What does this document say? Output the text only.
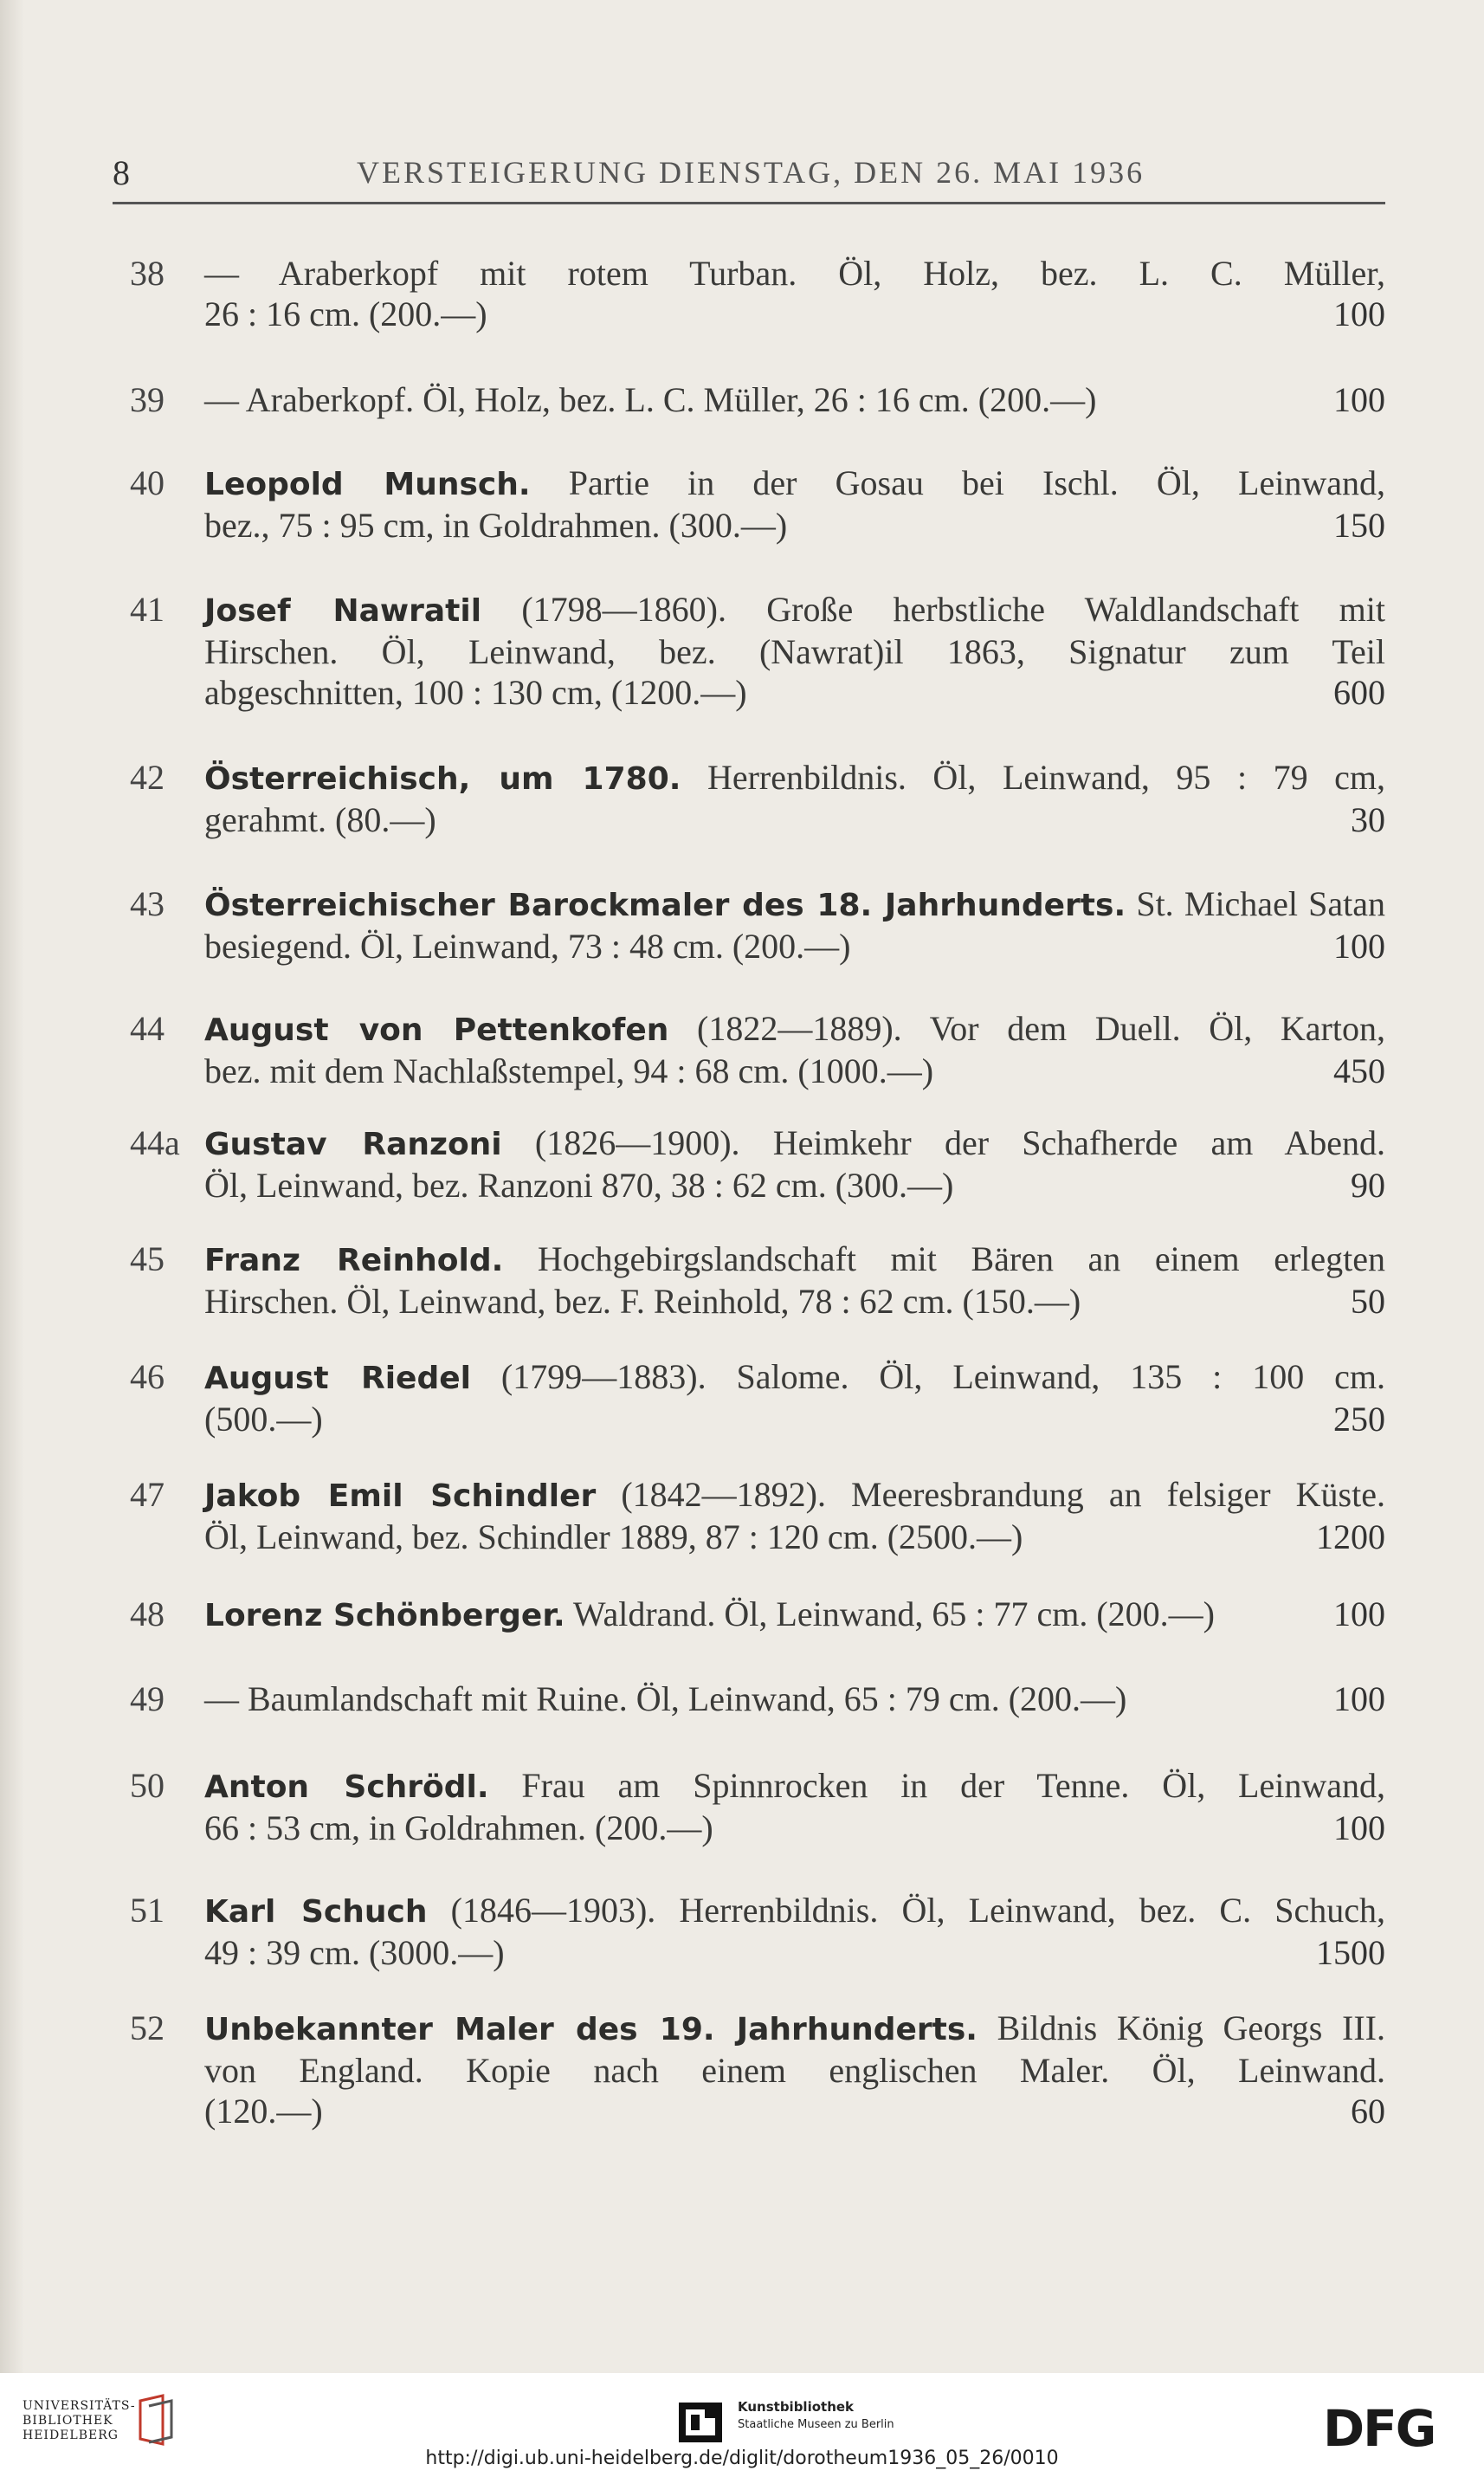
8	VERSTEIGERUNG DIENSTAG, DEN 26. MAI 1936
38	— Araberkopf mit rotem Turban. Öl, Holz, bez. L. C. Müller,
26 : 16 cm. (200.—)	100
39	— Araberkopf. Öl, Holz, bez. L. C. Müller, 26 : 16 cm. (200.—)	100
40	Leopold Munsch. Partie in der Gosau bei Ischl. Öl, Leinwand,
bez., 75 : 95 cm, in Goldrahmen. (300.—)	150
41	Josef Nawratil (1798—1860). Große herbstliche Waldlandschaft mit
Hirschen. Öl, Leinwand, bez. (Nawrat)il 1863, Signatur zum Teil
abgeschnitten, 100 : 130 cm, (1200.—)	600
42	Österreichisch, um 1780. Herrenbildnis. Öl, Leinwand, 95 : 79 cm,
gerahmt. (80.—)	30
43	Österreichischer Barockmaler des 18. Jahrhunderts. St. Michael Satan
besiegend. Öl, Leinwand, 73 : 48 cm. (200.—)	100
44	August von Pettenkofen (1822—1889). Vor dem Duell. Öl, Karton,
bez. mit dem Nachlaßstempel, 94 : 68 cm. (1000.—)	450
44a Gustav Ranzoni (1826—1900). Heimkehr der Schafherde am Abend.
Öl, Leinwand, bez. Ranzoni 870, 38 : 62 cm. (300.—)	90
45	Franz Reinhold. Hochgebirgslandschaft mit Bären an einem erlegten
Hirschen. Öl, Leinwand, bez. F. Reinhold, 78 : 62 cm. (150.—)	50
46	August Riedel (1799—1883). Salome. Öl, Leinwand, 135 : 100 cm.
(500.—)	250
47	Jakob Emil Schindler (1842—1892). Meeresbrandung an felsiger Küste.
Öl, Leinwand, bez. Schindler 1889, 87 : 120 cm. (2500.—)	1200
48	Lorenz Schönberger. Waldrand. Öl, Leinwand, 65 : 77 cm. (200.—)	100
49	— Baumlandschaft mit Ruine. Öl, Leinwand, 65 : 79 cm. (200.—)	100
50	Anton Schrödl. Frau am Spinnrocken in der Tenne. Öl, Leinwand,
66 : 53 cm, in Goldrahmen. (200.—)	100
51	Karl Schuch (1846—1903). Herrenbildnis. Öl, Leinwand, bez. C. Schuch,
49 : 39 cm. (3000.—)	1500
52	Unbekannter Maler des 19. Jahrhunderts. Bildnis König Georgs III.
von England. Kopie nach einem englischen Maler. Öl, Leinwand.
(120.—)	60
UNIVERSITÄTS-
BIBLIOTHEK
HEIDELBERG
Kunstbibliothek
Staatliche Museen zu Berlin	DFG
http://digi.ub.uni-heidelberg.de/diglit/dorotheum1936_05_26/0010
